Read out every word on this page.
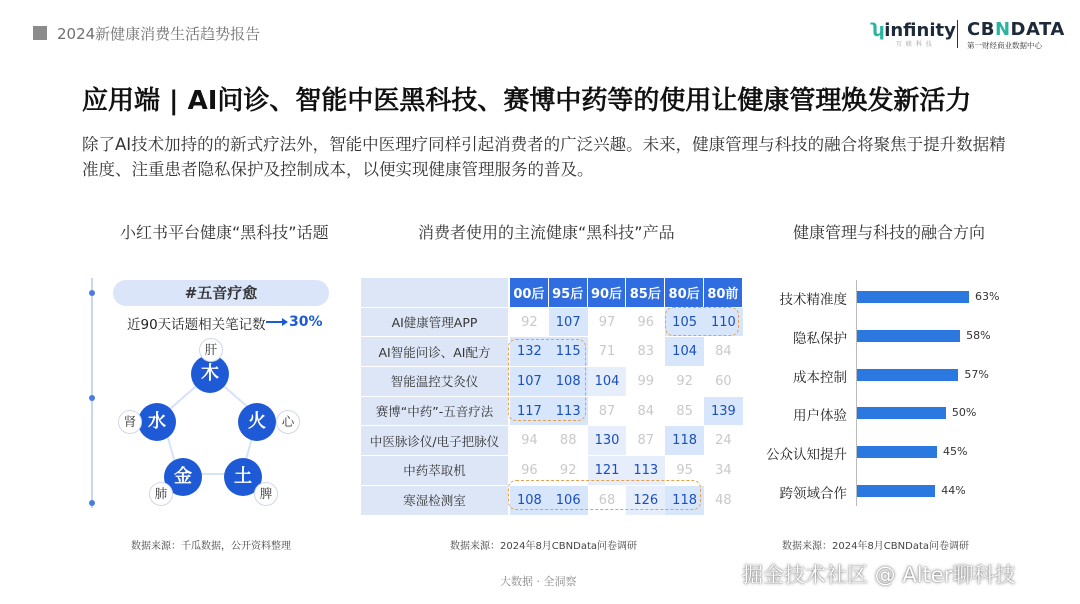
2024新健康消费生活趋势报告	ʮinfinity
互 联 科 技
CBNDATA
第一财经商业数据中心
应用端 | AI问诊、智能中医黑科技、赛博中药等的使用让健康管理焕发新活力
除了AI技术加持的的新式疗法外，智能中医理疗同样引起消费者的广泛兴趣。未来，健康管理与科技的融合将聚焦于提升数据精准度、注重患者隐私保护及控制成本，以便实现健康管理服务的普及。
小红书平台健康“黑科技”话题	消费者使用的主流健康“黑科技”产品	健康管理与科技的融合方向
#五音疗愈
近90天话题相关笔记数 30%
木
肝
火	心
土
脾
金
肺
水
肾
数据来源：千瓜数据，公开资料整理
	00后	95后	90后	85后	80后	80前
AI健康管理APP	92	107	97	96	105	110
AI智能问诊、AI配方	132	115	71	83	104	84
智能温控艾灸仪	107	108	104	99	92	60
赛博“中药”-五音疗法	117	113	87	84	85	139
中医脉诊仪/电子把脉仪	94	88	130	87	118	24
中药萃取机	96	92	121	113	95	34
寒湿检测室	108	106	68	126	118	48
数据来源：2024年8月CBNData问卷调研
技术精准度	63%
隐私保护	58%
成本控制	57%
用户体验	50%
公众认知提升	45%
跨领域合作	44%
数据来源：2024年8月CBNData问卷调研
大数据 · 全洞察	掘金技术社区 @ Alter聊科技
